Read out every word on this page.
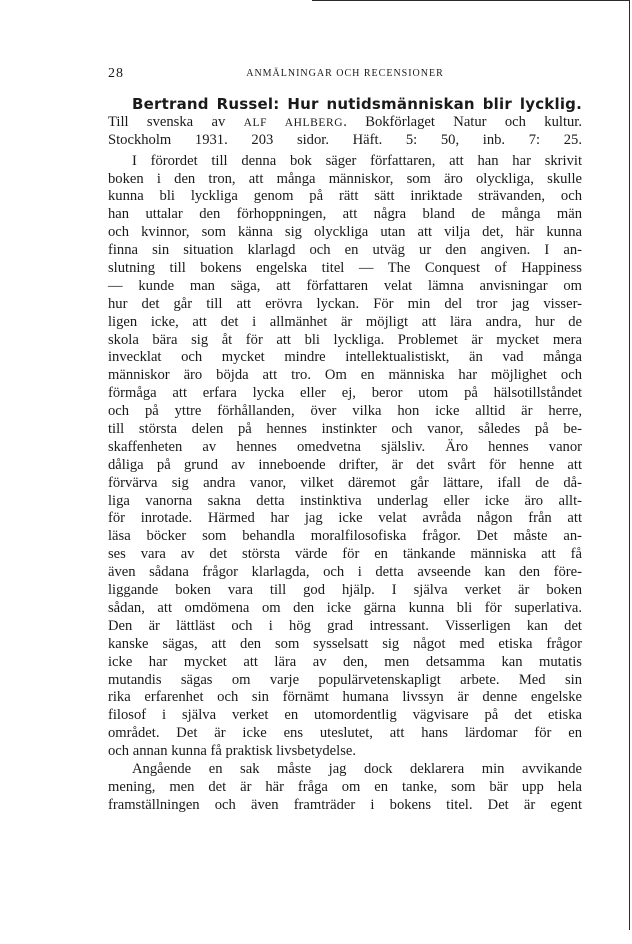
28	ANMÄLNINGAR OCH RECENSIONER
Bertrand Russel: Hur nutidsmänniskan blir lycklig.
Till svenska av ALF AHLBERG. Bokförlaget Natur och kultur.
Stockholm 1931. 203 sidor. Häft. 5: 50, inb. 7: 25.
I förordet till denna bok säger författaren, att han har skrivit
boken i den tron, att många människor, som äro olyckliga, skulle
kunna bli lyckliga genom på rätt sätt inriktade strävanden, och
han uttalar den förhoppningen, att några bland de många män
och kvinnor, som känna sig olyckliga utan att vilja det, här kunna
finna sin situation klarlagd och en utväg ur den angiven. I an-
slutning till bokens engelska titel — The Conquest of Happiness
— kunde man säga, att författaren velat lämna anvisningar om
hur det går till att erövra lyckan. För min del tror jag visser-
ligen icke, att det i allmänhet är möjligt att lära andra, hur de
skola bära sig åt för att bli lyckliga. Problemet är mycket mera
invecklat och mycket mindre intellektualistiskt, än vad många
människor äro böjda att tro. Om en människa har möjlighet och
förmåga att erfara lycka eller ej, beror utom på hälsotillståndet
och på yttre förhållanden, över vilka hon icke alltid är herre,
till största delen på hennes instinkter och vanor, således på be-
skaffenheten av hennes omedvetna själsliv. Äro hennes vanor
dåliga på grund av inneboende drifter, är det svårt för henne att
förvärva sig andra vanor, vilket däremot går lättare, ifall de då-
liga vanorna sakna detta instinktiva underlag eller icke äro allt-
för inrotade. Härmed har jag icke velat avråda någon från att
läsa böcker som behandla moralfilosofiska frågor. Det måste an-
ses vara av det största värde för en tänkande människa att få
även sådana frågor klarlagda, och i detta avseende kan den före-
liggande boken vara till god hjälp. I själva verket är boken
sådan, att omdömena om den icke gärna kunna bli för superlativa.
Den är lättläst och i hög grad intressant. Visserligen kan det
kanske sägas, att den som sysselsatt sig något med etiska frågor
icke har mycket att lära av den, men detsamma kan mutatis
mutandis sägas om varje populärvetenskapligt arbete. Med sin
rika erfarenhet och sin förnämt humana livssyn är denne engelske
filosof i själva verket en utomordentlig vägvisare på det etiska
området. Det är icke ens uteslutet, att hans lärdomar för en
och annan kunna få praktisk livsbetydelse.
Angående en sak måste jag dock deklarera min avvikande
mening, men det är här fråga om en tanke, som bär upp hela
framställningen och även framträder i bokens titel. Det är egent
